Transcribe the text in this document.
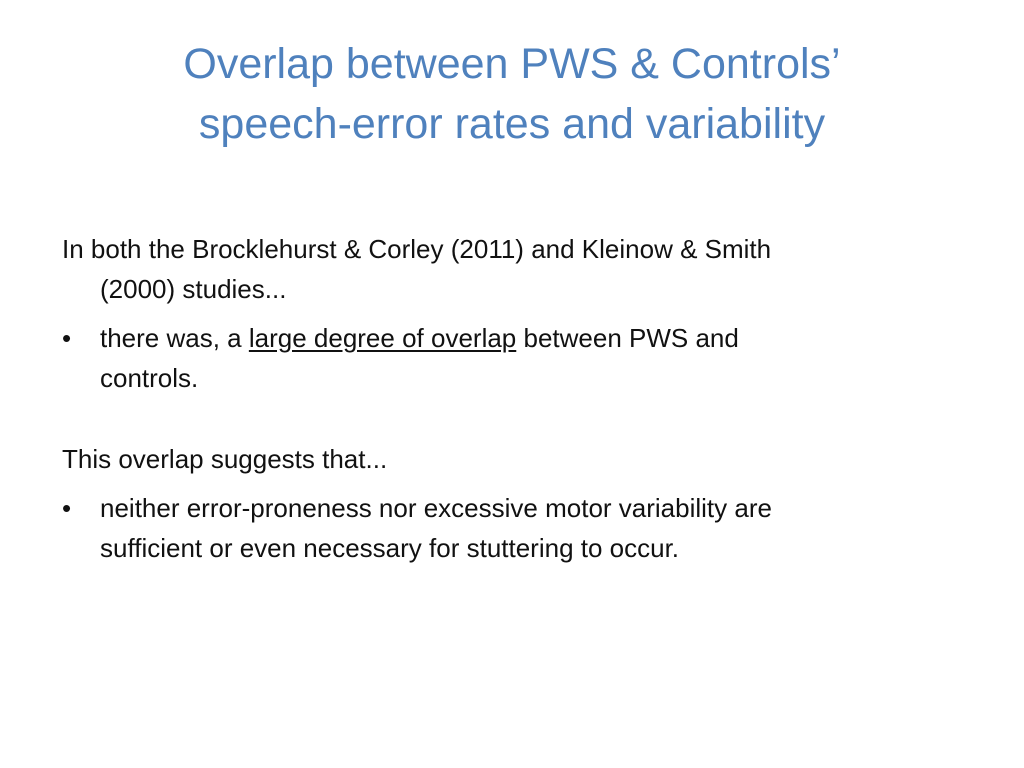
Overlap between PWS & Controls’
speech-error rates and variability
In both the Brocklehurst & Corley (2011) and Kleinow & Smith
(2000) studies...
•	there was, a large degree of overlap between PWS and
controls.
This overlap suggests that...
•	neither error-proneness nor excessive motor variability are
sufficient or even necessary for stuttering to occur.
